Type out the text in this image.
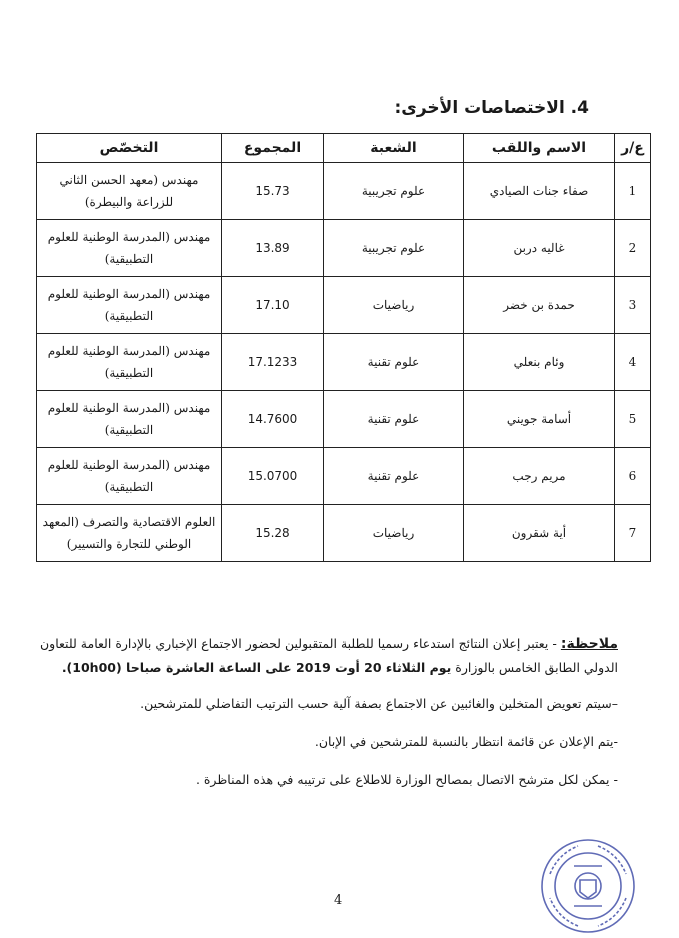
4. الاختصاصات الأخرى:
ع/ر	الاسم واللقب	الشعبة	المجموع	التخصّص
1	صفاء جنات الصيادي	علوم تجريبية	15.73	مهندس (معهد الحسن الثاني للزراعة والبيطرة)
2	غاليه دربن	علوم تجريبية	13.89	مهندس (المدرسة الوطنية للعلوم التطبيقية)
3	حمدة بن خضر	رياضيات	17.10	مهندس (المدرسة الوطنية للعلوم التطبيقية)
4	وئام بنعلي	علوم تقنية	17.1233	مهندس (المدرسة الوطنية للعلوم التطبيقية)
5	أسامة جويني	علوم تقنية	14.7600	مهندس (المدرسة الوطنية للعلوم التطبيقية)
6	مريم رجب	علوم تقنية	15.0700	مهندس (المدرسة الوطنية للعلوم التطبيقية)
7	أية شقرون	رياضيات	15.28	العلوم الاقتصادية والتصرف (المعهد الوطني للتجارة والتسيير)

ملاحظة: - يعتبر إعلان النتائج استدعاء رسميا للطلبة المتقبولين لحضور الاجتماع الإخباري بالإدارة العامة للتعاون الدولي الطابق الخامس بالوزارة يوم الثلاثاء 20 أوت 2019 على الساعة العاشرة صباحا (10h00).

–سيتم تعويض المتخلين والغائبين عن الاجتماع بصفة آلية حسب الترتيب التفاضلي للمترشحين.

-يتم الإعلان عن قائمة انتظار بالنسبة للمترشحين في الإبان.

- يمكن لكل مترشح الاتصال بمصالح الوزارة للاطلاع على ترتيبه في هذه المناظرة .

4
